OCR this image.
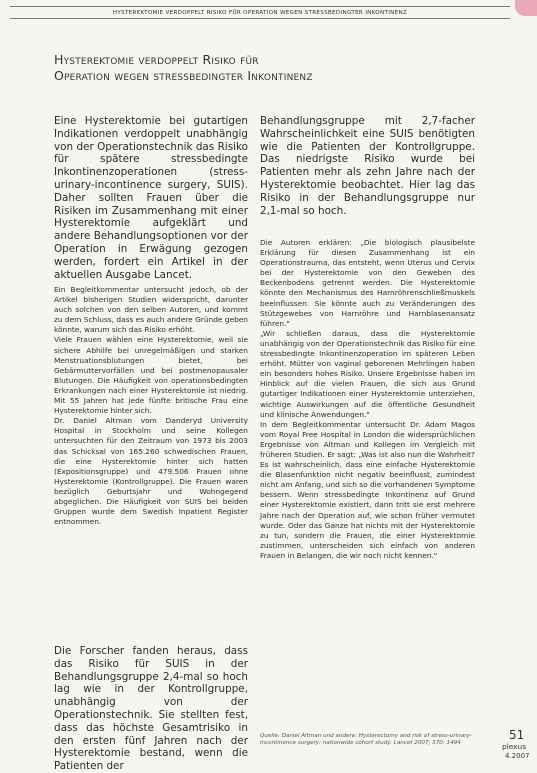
HYSTEREKTOMIE VERDOPPELT RISIKO FÜR OPERATION WEGEN STRESSBEDINGTER INKONTINENZ
Hysterektomie verdoppelt Risiko für
Operation wegen stressbedingter Inkontinenz

Eine Hysterektomie bei gutartigen Indikationen verdoppelt unabhängig von der Operationstechnik das Risiko für spätere stressbedingte Inkontinenzoperationen (stress-urinary-incontinence surgery, SUIS). Daher sollten Frauen über die Risiken im Zusammenhang mit einer Hysterektomie aufgeklärt und andere Behandlungsoptionen vor der Operation in Erwägung gezogen werden, fordert ein Artikel in der aktuellen Ausgabe Lancet.

Ein Begleitkommentar untersucht jedoch, ob der Artikel bisherigen Studien widerspricht, darunter auch solchen von den selben Autoren, und kommt zu dem Schluss, dass es auch andere Gründe geben könnte, warum sich das Risiko erhöht.

Viele Frauen wählen eine Hysterektomie, weil sie sichere Abhilfe bei unregelmäßigen und starken Menstruationsblutungen bietet, bei Gebärmuttervorfällen und bei postmenopausaler Blutungen. Die Häufigkeit von operationsbedingten Erkrankungen nach einer Hysterektomie ist niedrig. Mit 55 Jahren hat jede fünfte britische Frau eine Hysterektomie hinter sich.

Dr. Daniel Altman vom Danderyd University Hospital in Stockholm und seine Kollegen untersuchten für den Zeitraum von 1973 bis 2003 das Schicksal von 165.260 schwedischen Frauen, die eine Hysterektomie hinter sich hatten (Expositionsgruppe) und 479.506 Frauen ohne Hysterektomie (Kontrollgruppe). Die Frauen waren bezüglich Geburtsjahr und Wohngegend abgeglichen. Die Häufigkeit von SUIS bei beiden Gruppen wurde dem Swedish Inpatient Register entnommen.

Die Forscher fanden heraus, dass das Risiko für SUIS in der Behandlungsgruppe 2,4-mal so hoch lag wie in der Kontrollgruppe, unabhängig von der Operationstechnik. Sie stellten fest, dass das höchste Gesamtrisiko in den ersten fünf Jahren nach der Hysterektomie bestand, wenn die Patienten der

Behandlungsgruppe mit 2,7-facher Wahrscheinlichkeit eine SUIS benötigten wie die Patienten der Kontrollgruppe. Das niedrigste Risiko wurde bei Patienten mehr als zehn Jahre nach der Hysterektomie beobachtet. Hier lag das Risiko in der Behandlungsgruppe nur 2,1-mal so hoch.

Die Autoren erklären: „Die biologisch plausibelste Erklärung für diesen Zusammenhang ist ein Operationstrauma, das entsteht, wenn Uterus und Cervix bei der Hysterektomie von den Geweben des Beckenbodens getrennt werden. Die Hysterektomie könnte den Mechanismus des Harnröhrenschließmuskels beeinflussen. Sie könnte auch zu Veränderungen des Stützgewebes von Harnröhre und Harnblasenansatz führen."

„Wir schließen daraus, dass die Hysterektomie unabhängig von der Operationstechnik das Risiko für eine stressbedingte Inkontinenzoperation im späteren Leben erhöht. Mütter von vaginal geborenen Mehrlingen haben ein besonders hohes Risiko. Unsere Ergebnisse haben im Hinblick auf die vielen Frauen, die sich aus Grund gutartiger Indikationen einer Hysterektomie unterziehen, wichtige Auswirkungen auf die öffentliche Gesundheit und klinische Anwendungen."

In dem Begleitkommentar untersucht Dr. Adam Magos vom Royal Free Hospital in London die widersprüchlichen Ergebnisse von Altman und Kollegen im Vergleich mit früheren Studien. Er sagt: „Was ist also nun die Wahrheit? Es ist wahrscheinlich, dass eine einfache Hysterektomie die Blasenfunktion nicht negativ beeinflusst, zumindest nicht am Anfang, und sich so die vorhandenen Symptome bessern. Wenn stressbedingte Inkontinenz auf Grund einer Hysterektomie existiert, dann tritt sie erst mehrere Jahre nach der Operation auf, wie schon früher vermutet wurde. Oder das Ganze hat nichts mit der Hysterektomie zu tun, sondern die Frauen, die einer Hysterektomie zustimmen, unterscheiden sich einfach von anderen Frauen in Belangen, die wir noch nicht kennen."

Quelle: Daniel Altman und andere: Hysterectomy and risk of stress-urinary-incontinence surgery: nationwide cohort study. Lancet 2007; 370: 1494
51
plexus
4.2007
